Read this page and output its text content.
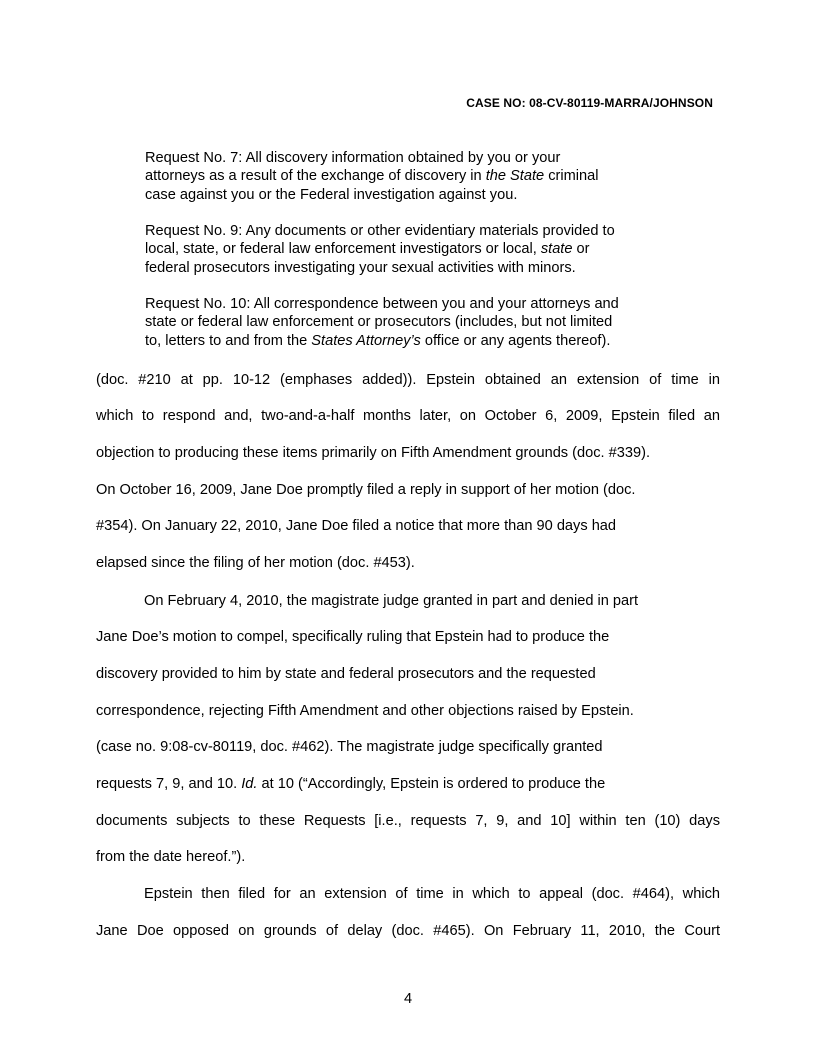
CASE NO: 08-CV-80119-MARRA/JOHNSON
Request No. 7: All discovery information obtained by you or your
attorneys as a result of the exchange of discovery in the State criminal
case against you or the Federal investigation against you.
Request No. 9: Any documents or other evidentiary materials provided to
local, state, or federal law enforcement investigators or local, state or
federal prosecutors investigating your sexual activities with minors.
Request No. 10: All correspondence between you and your attorneys and
state or federal law enforcement or prosecutors (includes, but not limited
to, letters to and from the States Attorney’s office or any agents thereof).
(doc. #210 at pp. 10-12 (emphases added)). Epstein obtained an extension of time in
which to respond and, two-and-a-half months later, on October 6, 2009, Epstein filed an
objection to producing these items primarily on Fifth Amendment grounds (doc. #339).
On October 16, 2009, Jane Doe promptly filed a reply in support of her motion (doc.
#354). On January 22, 2010, Jane Doe filed a notice that more than 90 days had
elapsed since the filing of her motion (doc. #453).
On February 4, 2010, the magistrate judge granted in part and denied in part
Jane Doe’s motion to compel, specifically ruling that Epstein had to produce the
discovery provided to him by state and federal prosecutors and the requested
correspondence, rejecting Fifth Amendment and other objections raised by Epstein.
(case no. 9:08-cv-80119, doc. #462). The magistrate judge specifically granted
requests 7, 9, and 10. Id. at 10 (“Accordingly, Epstein is ordered to produce the
documents subjects to these Requests [i.e., requests 7, 9, and 10] within ten (10) days
from the date hereof.”).
Epstein then filed for an extension of time in which to appeal (doc. #464), which
Jane Doe opposed on grounds of delay (doc. #465). On February 11, 2010, the Court
4
